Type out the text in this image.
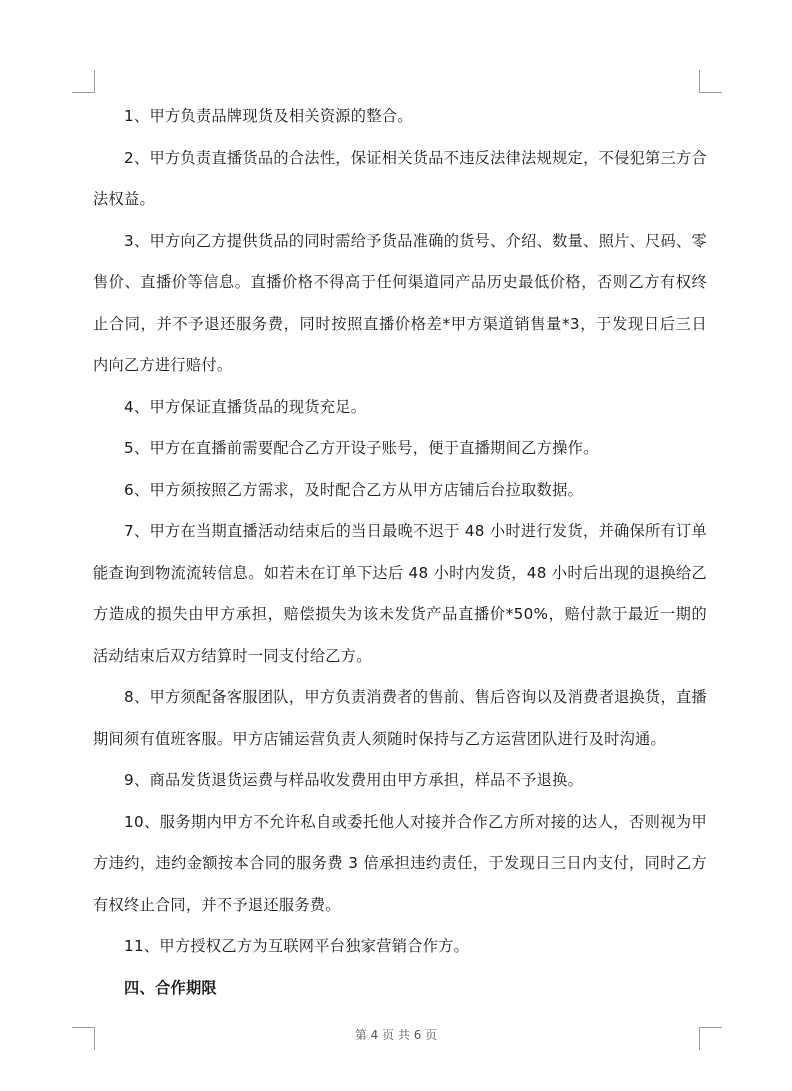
1、甲方负责品牌现货及相关资源的整合。

2、甲方负责直播货品的合法性，保证相关货品不违反法律法规规定，不侵犯第三方合法权益。

3、甲方向乙方提供货品的同时需给予货品准确的货号、介绍、数量、照片、尺码、零售价、直播价等信息。直播价格不得高于任何渠道同产品历史最低价格，否则乙方有权终止合同，并不予退还服务费，同时按照直播价格差*甲方渠道销售量*3，于发现日后三日内向乙方进行赔付。

4、甲方保证直播货品的现货充足。

5、甲方在直播前需要配合乙方开设子账号，便于直播期间乙方操作。

6、甲方须按照乙方需求，及时配合乙方从甲方店铺后台拉取数据。

7、甲方在当期直播活动结束后的当日最晚不迟于 48 小时进行发货，并确保所有订单能查询到物流流转信息。如若未在订单下达后 48 小时内发货，48 小时后出现的退换给乙方造成的损失由甲方承担，赔偿损失为该未发货产品直播价*50%，赔付款于最近一期的活动结束后双方结算时一同支付给乙方。

8、甲方须配备客服团队，甲方负责消费者的售前、售后咨询以及消费者退换货，直播期间须有值班客服。甲方店铺运营负责人须随时保持与乙方运营团队进行及时沟通。

9、商品发货退货运费与样品收发费用由甲方承担，样品不予退换。

10、服务期内甲方不允许私自或委托他人对接并合作乙方所对接的达人，否则视为甲方违约，违约金额按本合同的服务费 3 倍承担违约责任，于发现日三日内支付，同时乙方有权终止合同，并不予退还服务费。

11、甲方授权乙方为互联网平台独家营销合作方。

四、合作期限

第 4 页 共 6 页
